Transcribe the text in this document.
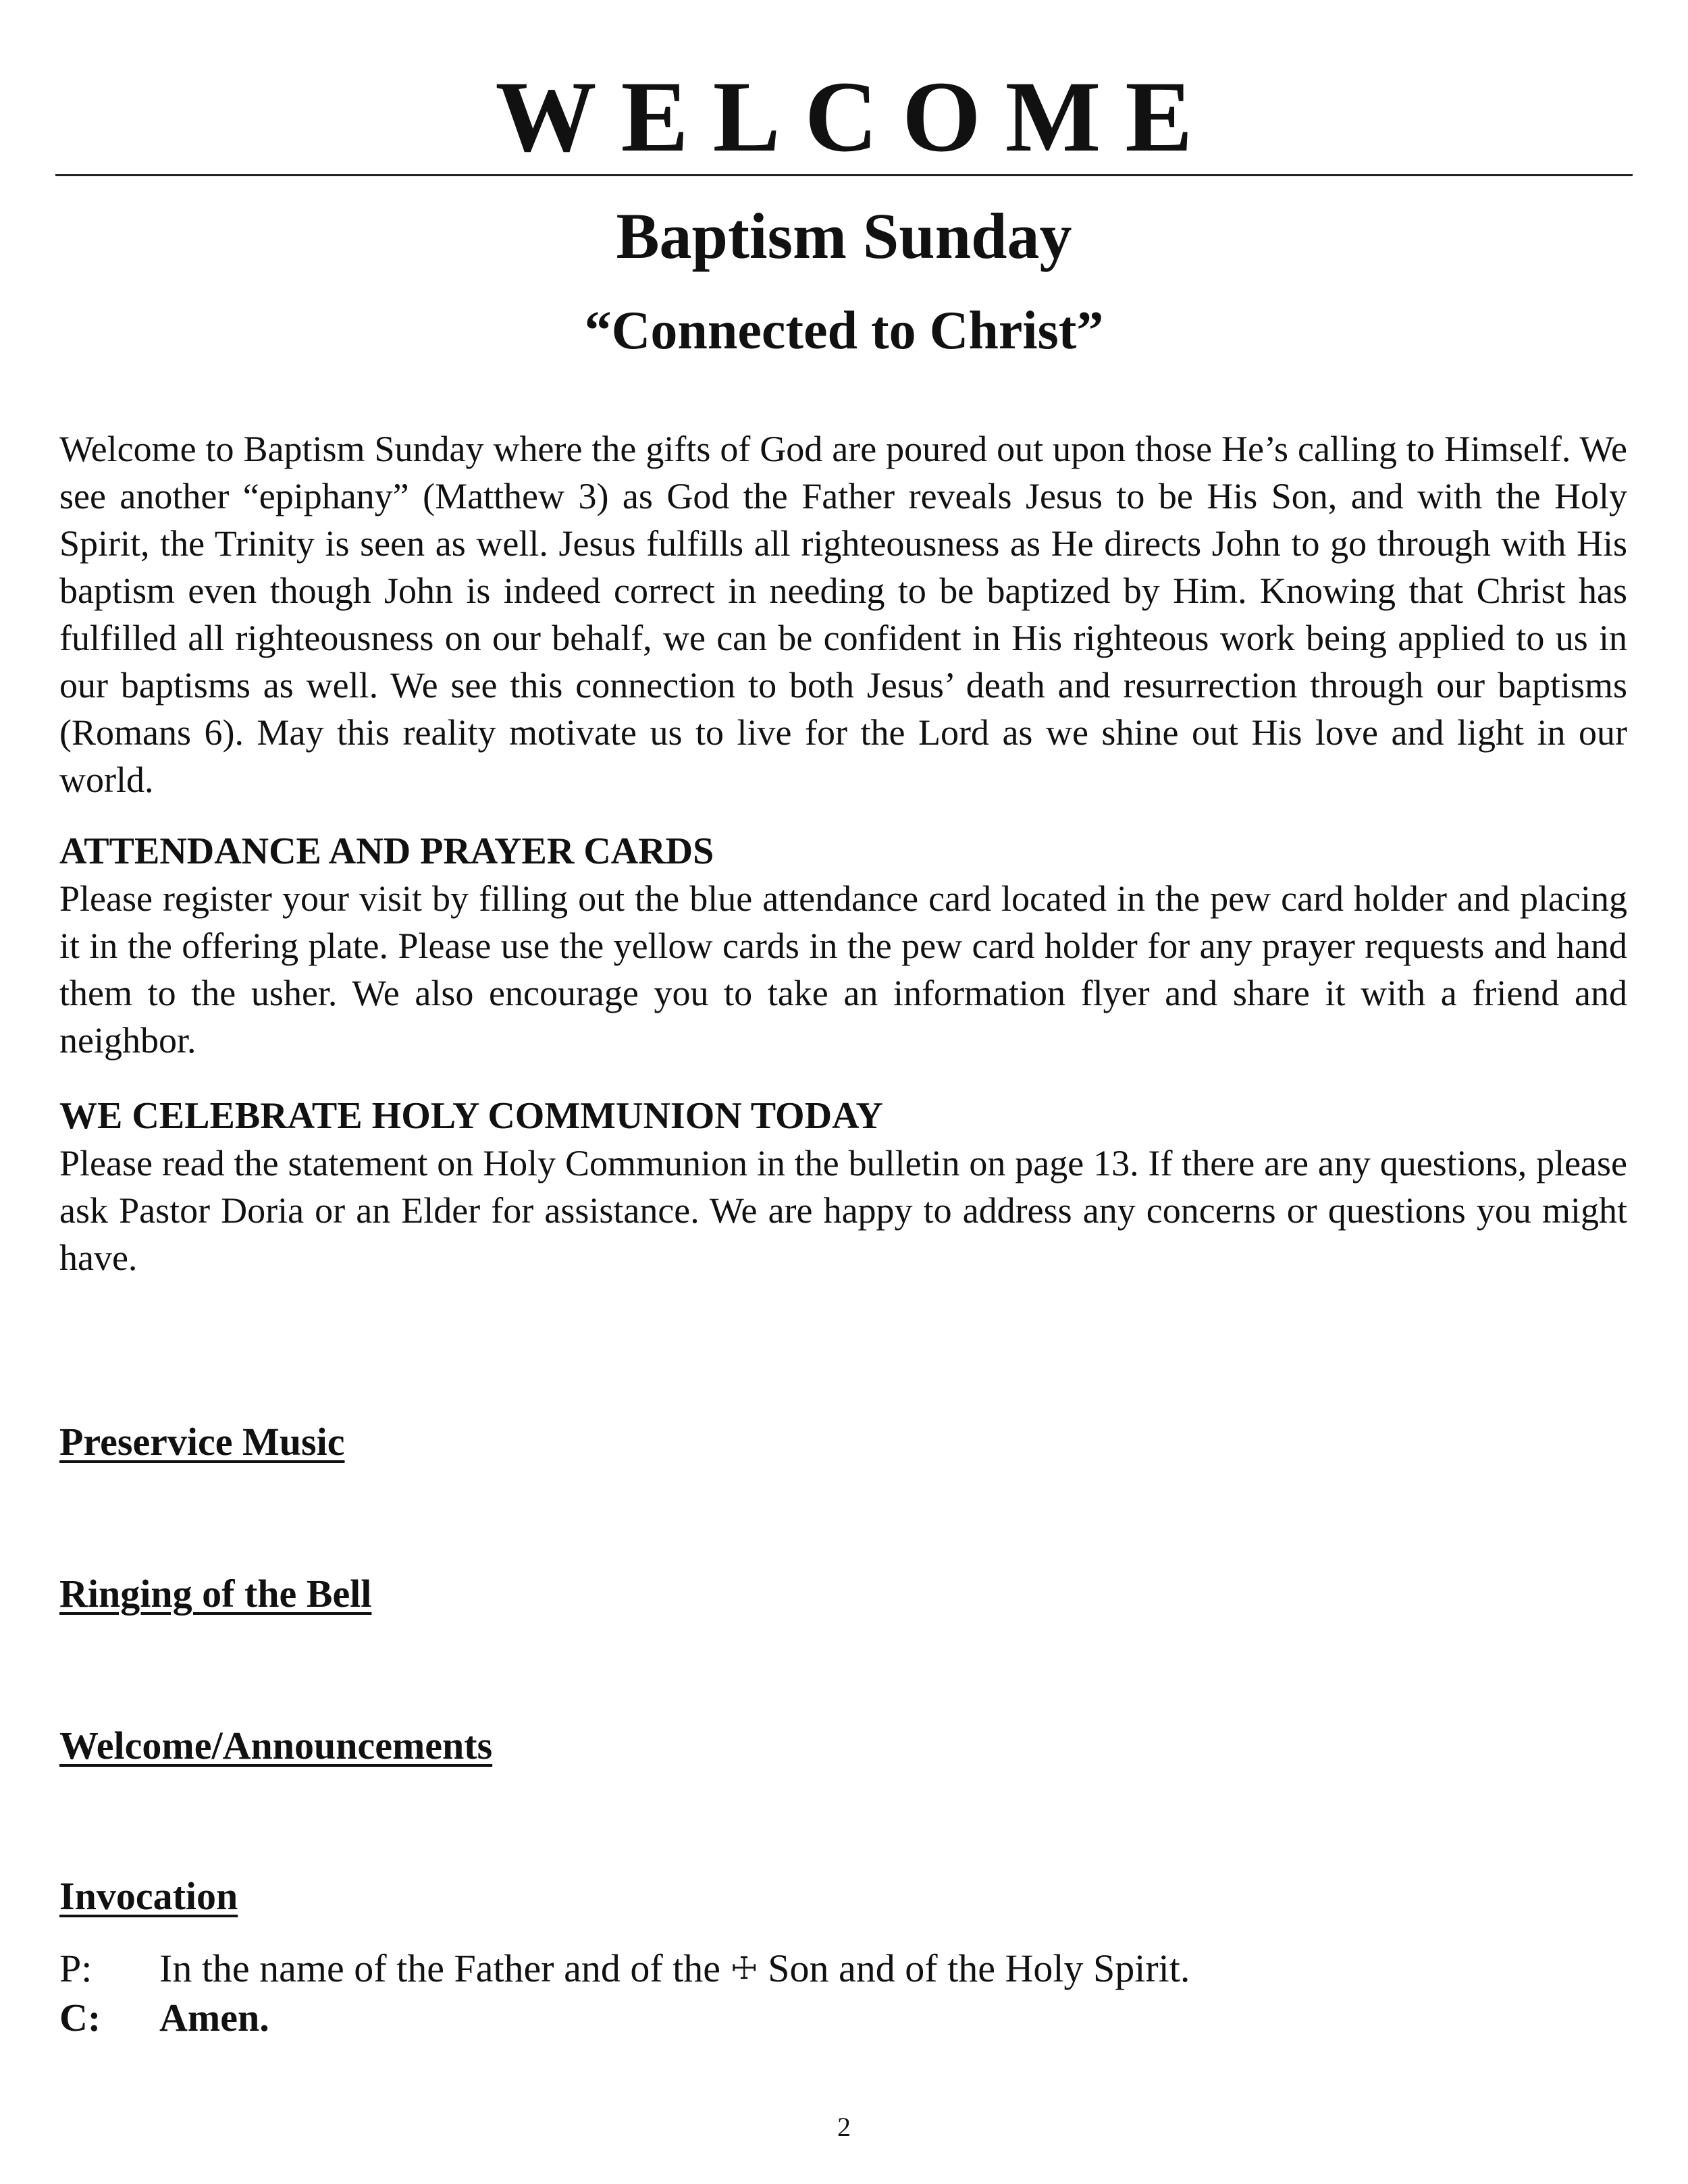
WELCOME
Baptism Sunday
“Connected to Christ”
Welcome to Baptism Sunday where the gifts of God are poured out upon those He’s calling to Himself. We see another “epiphany” (Matthew 3) as God the Father reveals Jesus to be His Son, and with the Holy Spirit, the Trinity is seen as well. Jesus fulfills all righteousness as He directs John to go through with His baptism even though John is indeed correct in needing to be baptized by Him. Knowing that Christ has fulfilled all righteousness on our behalf, we can be confident in His righteous work being applied to us in our baptisms as well. We see this connection to both Jesus’ death and resurrection through our baptisms (Romans 6). May this reality motivate us to live for the Lord as we shine out His love and light in our world.
ATTENDANCE AND PRAYER CARDS
Please register your visit by filling out the blue attendance card located in the pew card holder and placing it in the offering plate. Please use the yellow cards in the pew card holder for any prayer requests and hand them to the usher. We also encourage you to take an information flyer and share it with a friend and neighbor.
WE CELEBRATE HOLY COMMUNION TODAY
Please read the statement on Holy Communion in the bulletin on page 13. If there are any questions, please ask Pastor Doria or an Elder for assistance. We are happy to address any concerns or questions you might have.
Preservice Music
Ringing of the Bell
Welcome/Announcements
Invocation
P: In the name of the Father and of the ☩ Son and of the Holy Spirit.
C: Amen.
2
